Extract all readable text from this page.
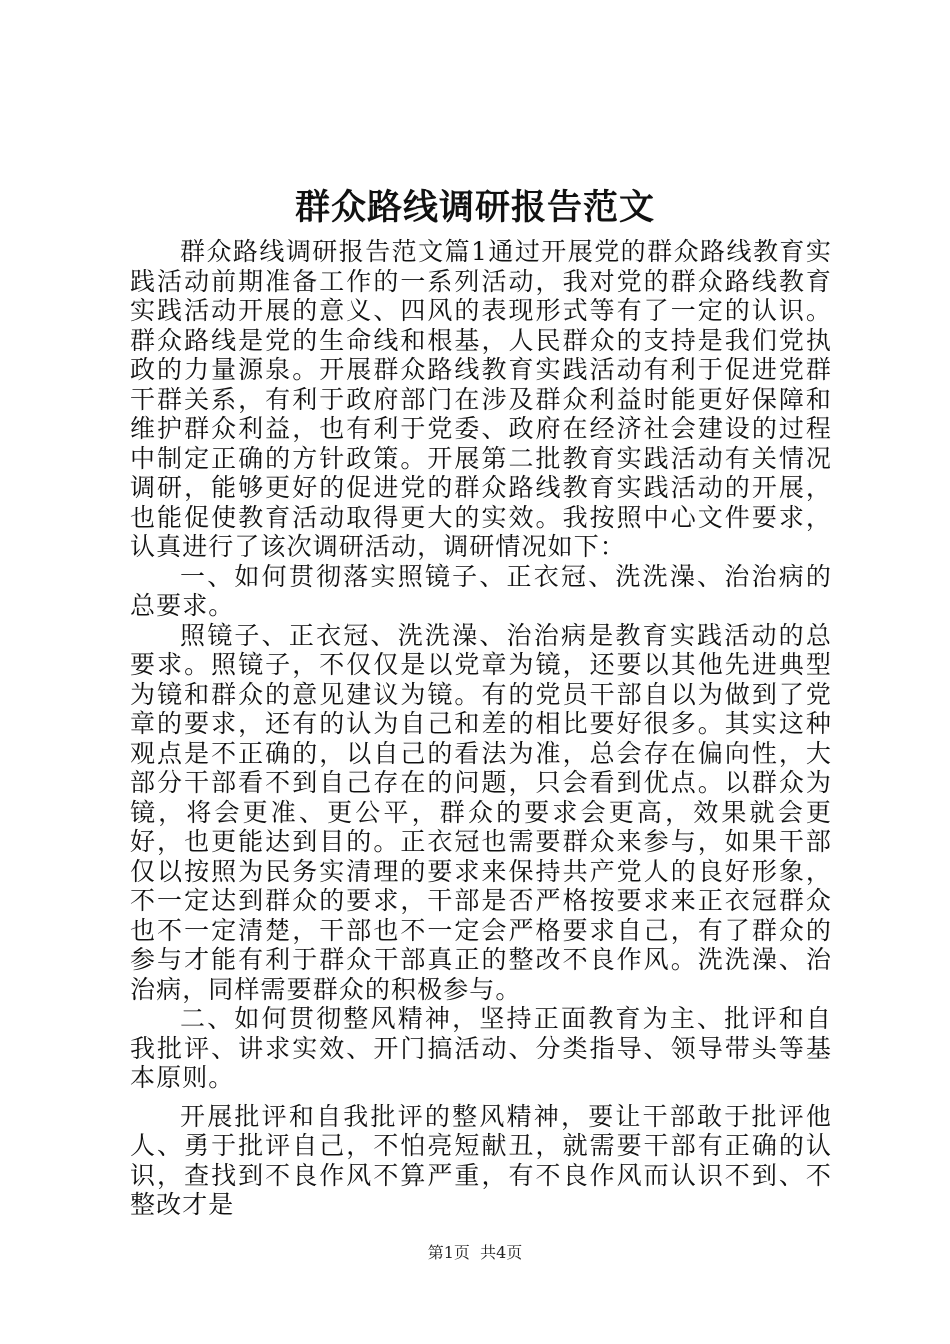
群众路线调研报告范文

群众路线调研报告范文篇1通过开展党的群众路线教育实践活动前期准备工作的一系列活动，我对党的群众路线教育实践活动开展的意义、四风的表现形式等有了一定的认识。群众路线是党的生命线和根基，人民群众的支持是我们党执政的力量源泉。开展群众路线教育实践活动有利于促进党群干群关系，有利于政府部门在涉及群众利益时能更好保障和维护群众利益，也有利于党委、政府在经济社会建设的过程中制定正确的方针政策。开展第二批教育实践活动有关情况调研，能够更好的促进党的群众路线教育实践活动的开展，也能促使教育活动取得更大的实效。我按照中心文件要求，认真进行了该次调研活动，调研情况如下：

一、如何贯彻落实照镜子、正衣冠、洗洗澡、治治病的总要求。

照镜子、正衣冠、洗洗澡、治治病是教育实践活动的总要求。照镜子，不仅仅是以党章为镜，还要以其他先进典型为镜和群众的意见建议为镜。有的党员干部自以为做到了党章的要求，还有的认为自己和差的相比要好很多。其实这种观点是不正确的，以自己的看法为准，总会存在偏向性，大部分干部看不到自己存在的问题，只会看到优点。以群众为镜，将会更准、更公平，群众的要求会更高，效果就会更好，也更能达到目的。正衣冠也需要群众来参与，如果干部仅以按照为民务实清理的要求来保持共产党人的良好形象，不一定达到群众的要求，干部是否严格按要求来正衣冠群众也不一定清楚，干部也不一定会严格要求自己，有了群众的参与才能有利于群众干部真正的整改不良作风。洗洗澡、治治病，同样需要群众的积极参与。

二、如何贯彻整风精神，坚持正面教育为主、批评和自我批评、讲求实效、开门搞活动、分类指导、领导带头等基本原则。

开展批评和自我批评的整风精神，要让干部敢于批评他人、勇于批评自己，不怕亮短献丑，就需要干部有正确的认识，查找到不良作风不算严重，有不良作风而认识不到、不整改才是

第1页 共4页
